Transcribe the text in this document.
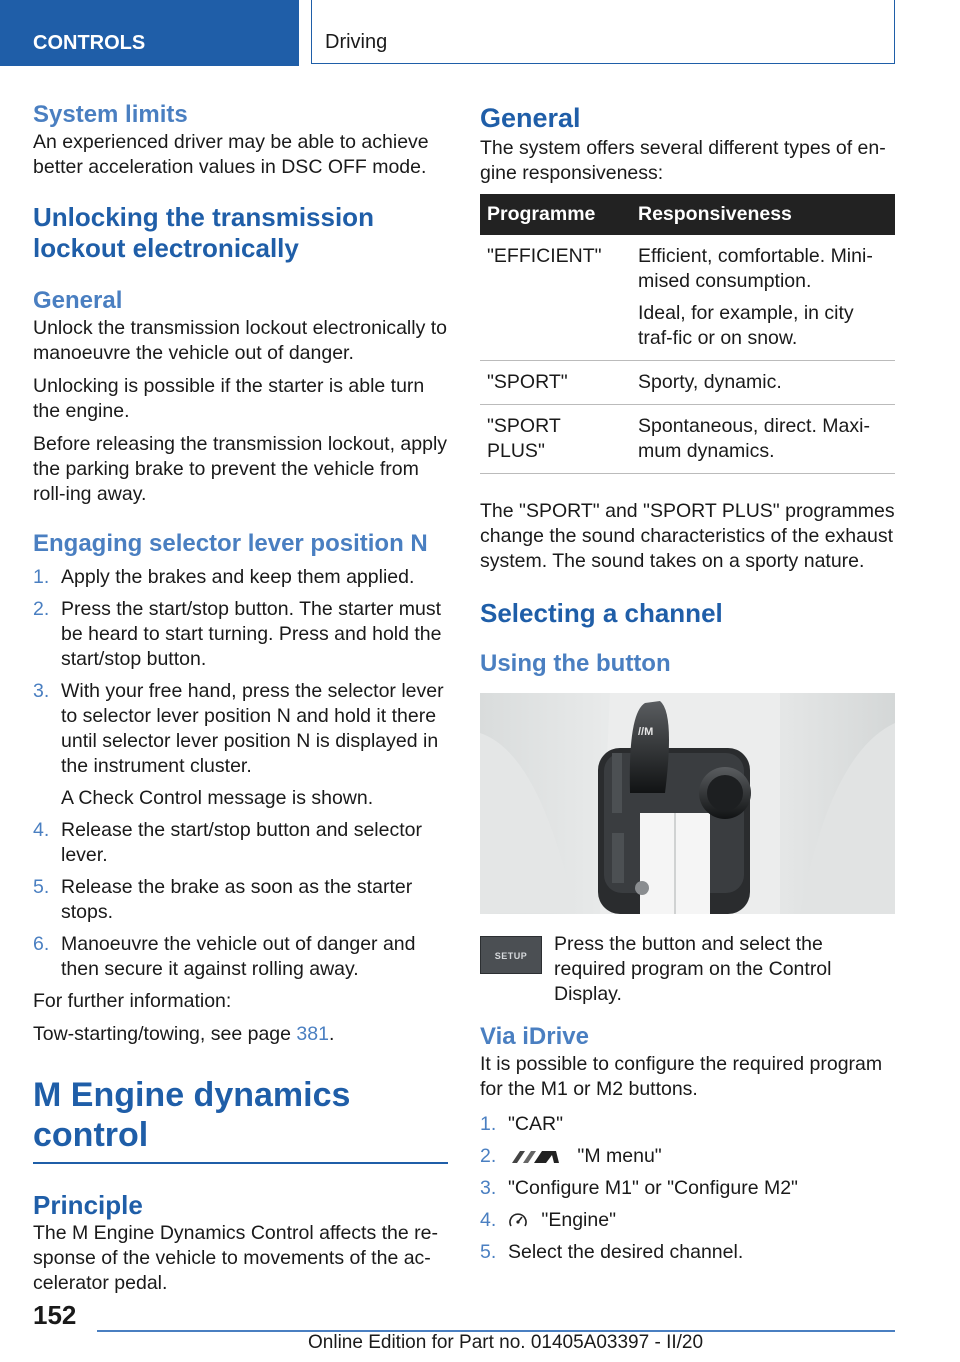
CONTROLS	Driving
System limits

An experienced driver may be able to achieve better acceleration values in DSC OFF mode.

Unlocking the transmission lockout electronically
General

Unlock the transmission lockout electronically to manoeuvre the vehicle out of danger.

Unlocking is possible if the starter is able turn the engine.

Before releasing the transmission lockout, apply the parking brake to prevent the vehicle from roll-ing away.

Engaging selector lever position N
1. Apply the brakes and keep them applied.
2. Press the start/stop button. The starter must be heard to start turning. Press and hold the start/stop button.
3. With your free hand, press the selector lever to selector lever position N and hold it there until selector lever position N is displayed in the instrument cluster.
A Check Control message is shown.
4. Release the start/stop button and selector lever.
5. Release the brake as soon as the starter stops.
6. Manoeuvre the vehicle out of danger and then secure it against rolling away.

For further information:

Tow-starting/towing, see page 381.

M Engine dynamics control
Principle

The M Engine Dynamics Control affects the re-sponse of the vehicle to movements of the ac-celerator pedal.

General

The system offers several different types of en-gine responsiveness:

Programme	Responsiveness
"EFFICIENT"	Efficient, comfortable. Mini-mised consumption.
Ideal, for example, in city traf-fic or on snow.

"SPORT"	Sporty, dynamic.
"SPORT PLUS"	Spontaneous, direct. Maxi-mum dynamics.

The "SPORT" and "SPORT PLUS" programmes change the sound characteristics of the exhaust system. The sound takes on a sporty nature.

Selecting a channel
Using the button
//M
SETUP

Press the button and select the required program on the Control Display.

Via iDrive

It is possible to configure the required program for the M1 or M2 buttons.

1. "CAR"
2.	"M menu"
3. "Configure M1" or "Configure M2"
4. "Engine"
5. Select the desired channel.
152
Online Edition for Part no. 01405A03397 - II/20
